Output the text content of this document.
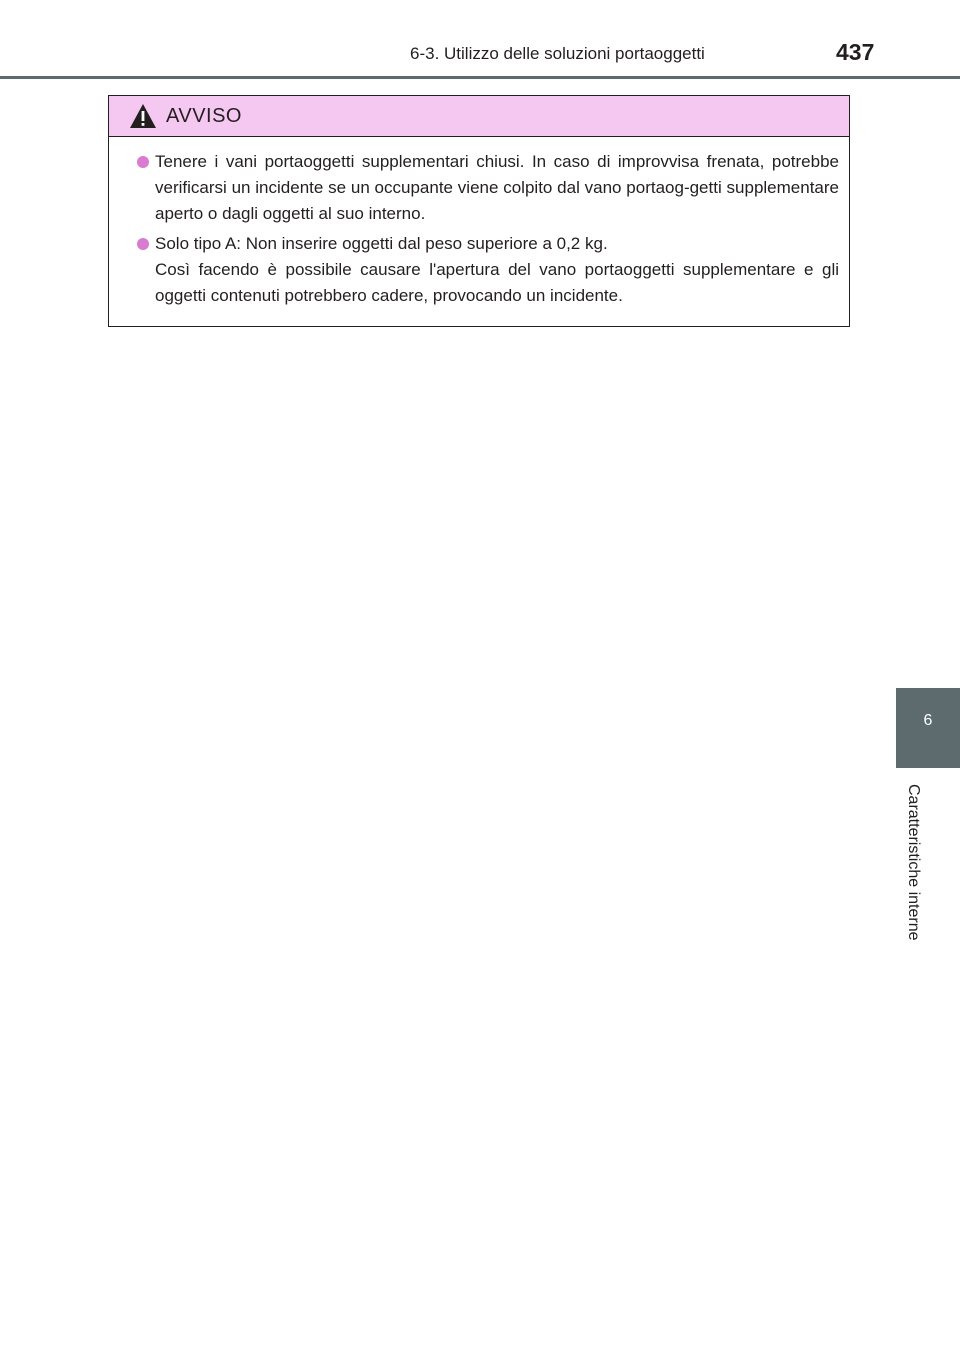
6-3. Utilizzo delle soluzioni portaoggetti	437
AVVISO
Tenere i vani portaoggetti supplementari chiusi. In caso di improvvisa frenata, potrebbe verificarsi un incidente se un occupante viene colpito dal vano portaog-getti supplementare aperto o dagli oggetti al suo interno.
Solo tipo A: Non inserire oggetti dal peso superiore a 0,2 kg.
Così facendo è possibile causare l'apertura del vano portaoggetti supplementare e gli oggetti contenuti potrebbero cadere, provocando un incidente.
6
Caratteristiche interne
